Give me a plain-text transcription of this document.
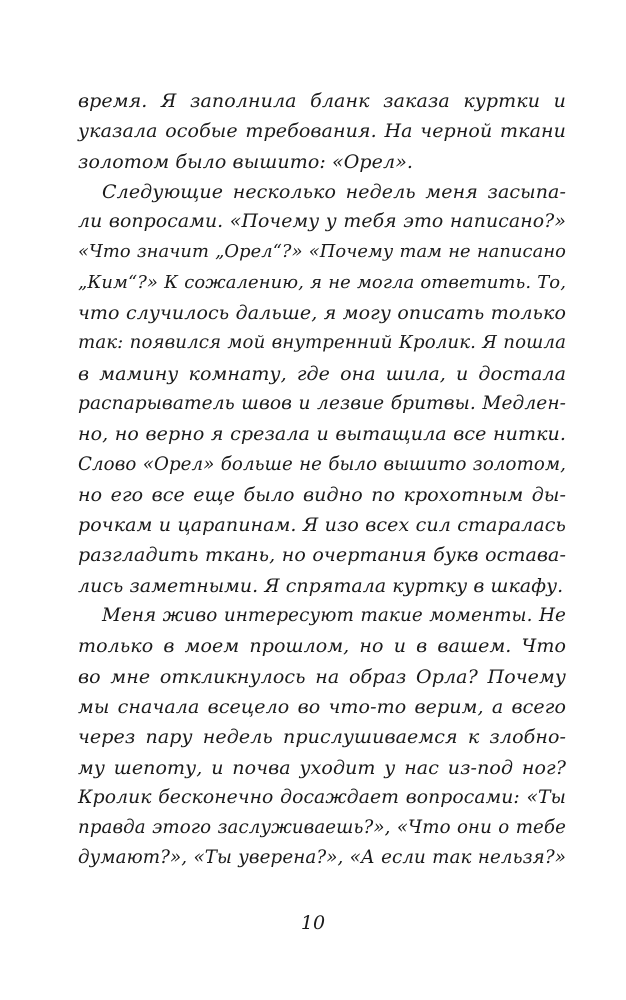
время. Я заполнила бланк заказа куртки и
указала особые требования. На черной ткани
золотом было вышито: «Орел».
Следующие несколько недель меня засыпа-
ли вопросами. «Почему у тебя это написано?»
«Что значит „Орел“?» «Почему там не написано
„Ким“?» К сожалению, я не могла ответить. То,
что случилось дальше, я могу описать только
так: появился мой внутренний Кролик. Я пошла
в мамину комнату, где она шила, и достала
распарыватель швов и лезвие бритвы. Медлен-
но, но верно я срезала и вытащила все нитки.
Слово «Орел» больше не было вышито золотом,
но его все еще было видно по крохотным ды-
рочкам и царапинам. Я изо всех сил старалась
разгладить ткань, но очертания букв остава-
лись заметными. Я спрятала куртку в шкафу.
Меня живо интересуют такие моменты. Не
только в моем прошлом, но и в вашем. Что
во мне откликнулось на образ Орла? Почему
мы сначала всецело во что-то верим, а всего
через пару недель прислушиваемся к злобно-
му шепоту, и почва уходит у нас из-под ног?
Кролик бесконечно досаждает вопросами: «Ты
правда этого заслуживаешь?», «Что они о тебе
думают?», «Ты уверена?», «А если так нельзя?»
10
